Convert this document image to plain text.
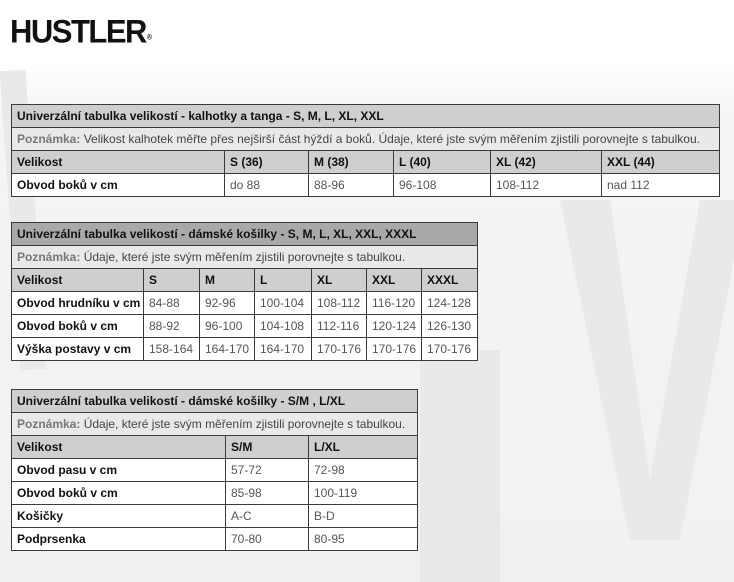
HUSTLER®
Univerzální tabulka velikostí - kalhotky a tanga - S, M, L, XL, XXL					
Poznámka: Velikost kalhotek měřte přes nejširší část hýždí a boků. Údaje, které jste svým měřením zjistili porovnejte s tabulkou.					
Velikost	S (36)	M (38)	L (40)	XL (42)	XXL (44)
Obvod boků v cm	do 88	88-96	96-108	108-112	nad 112
Univerzální tabulka velikostí - dámské košilky - S, M, L, XL, XXL, XXXL						
Poznámka: Údaje, které jste svým měřením zjistili porovnejte s tabulkou.						
Velikost	S	M	L	XL	XXL	XXXL
Obvod hrudníku v cm	84-88	92-96	100-104	108-112	116-120	124-128
Obvod boků v cm	88-92	96-100	104-108	112-116	120-124	126-130
Výška postavy v cm	158-164	164-170	164-170	170-176	170-176	170-176
Univerzální tabulka velikostí - dámské košilky - S/M , L/XL		
Poznámka: Údaje, které jste svým měřením zjistili porovnejte s tabulkou.		
Velikost	S/M	L/XL
Obvod pasu v cm	57-72	72-98
Obvod boků v cm	85-98	100-119
Košičky	A-C	B-D
Podprsenka	70-80	80-95
